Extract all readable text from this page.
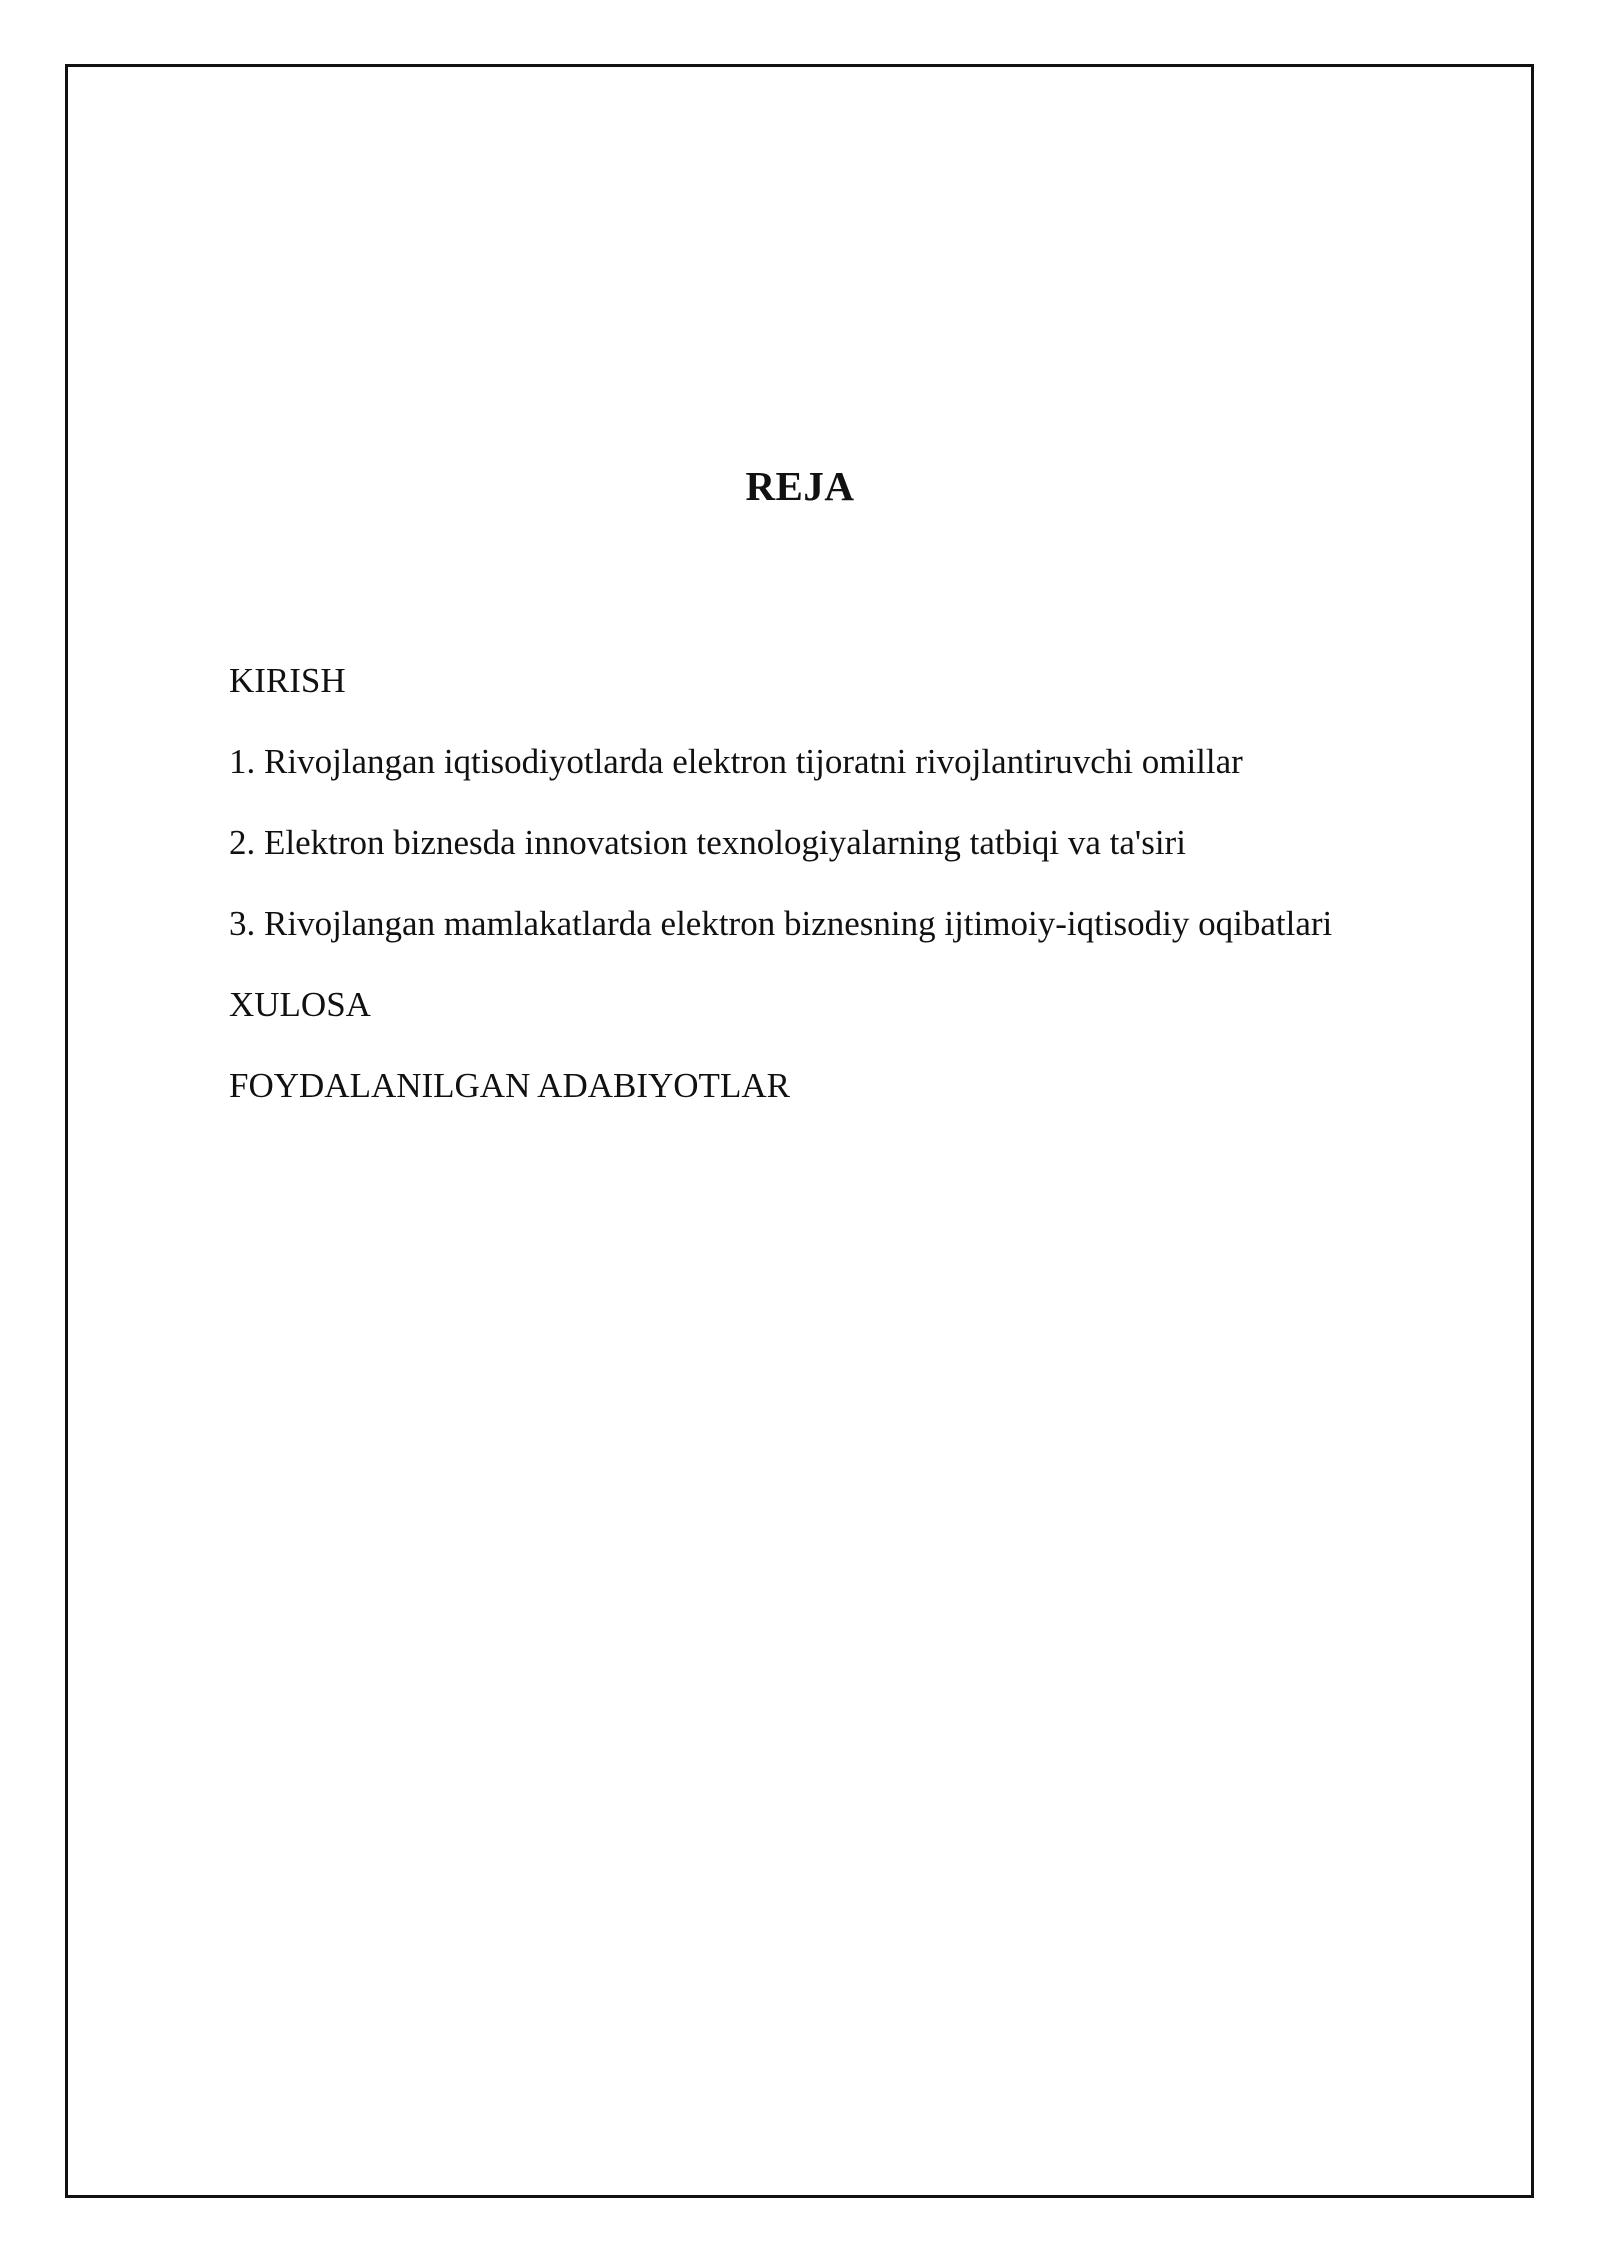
REJA
KIRISH
1. Rivojlangan iqtisodiyotlarda elektron tijoratni rivojlantiruvchi omillar
2. Elektron biznesda innovatsion texnologiyalarning tatbiqi va ta'siri
3. Rivojlangan mamlakatlarda elektron biznesning ijtimoiy-iqtisodiy oqibatlari
XULOSA
FOYDALANILGAN ADABIYOTLAR
